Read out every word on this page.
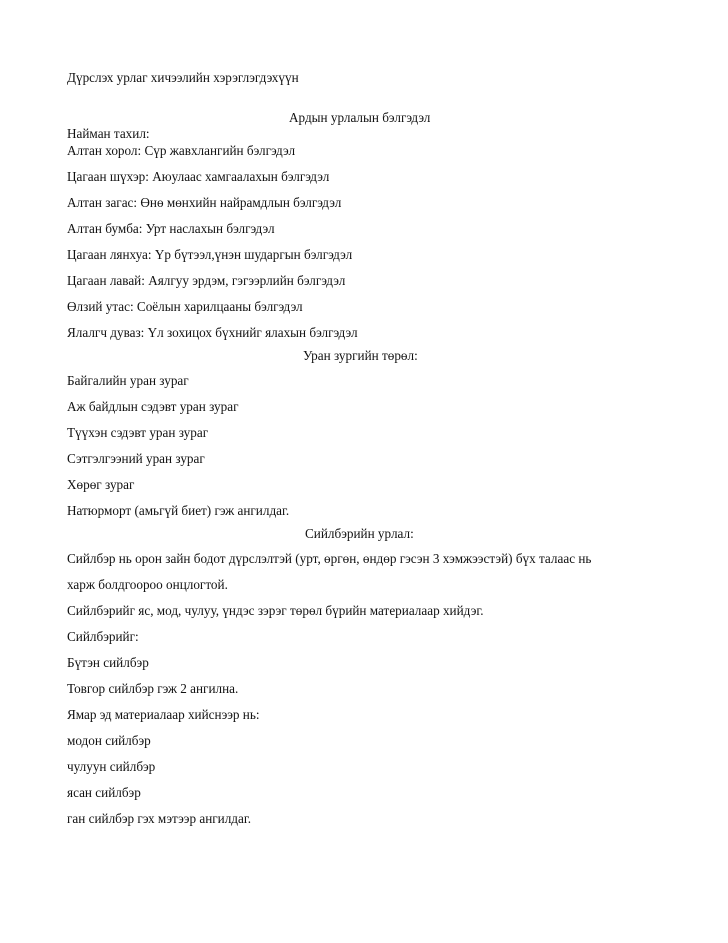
Дүрслэх урлаг хичээлийн хэрэглэгдэхүүн
Ардын урлалын бэлгэдэл
Найман тахил:
Алтан хорол: Сүр жавхлангийн бэлгэдэл
Цагаан шүхэр: Аюулаас хамгаалахын бэлгэдэл
Алтан загас: Өнө мөнхийн найрамдлын бэлгэдэл
Алтан бумба: Урт наслахын бэлгэдэл
Цагаан лянхуа: Үр бүтээл,үнэн шударгын бэлгэдэл
Цагаан лавай: Аялгуу эрдэм, гэгээрлийн бэлгэдэл
Өлзий утас: Соёлын харилцааны бэлгэдэл
Ялалгч дуваз: Үл зохицох бүхнийг ялахын бэлгэдэл
Уран зургийн төрөл:
Байгалийн уран зураг
Аж байдлын сэдэвт уран зураг
Түүхэн сэдэвт уран зураг
Сэтгэлгээний уран зураг
Хөрөг зураг
Натюрморт (амьгүй биет) гэж ангилдаг.
Сийлбэрийн урлал:
Сийлбэр нь орон зайн бодот дүрслэлтэй (урт, өргөн, өндөр гэсэн 3 хэмжээстэй) бүх талаас нь
харж болдгоороо онцлогтой.
Сийлбэрийг яс, мод, чулуу, үндэс зэрэг төрөл бүрийн материалаар хийдэг.
Сийлбэрийг:
Бүтэн сийлбэр
Товгор сийлбэр гэж 2 ангилна.
Ямар эд материалаар хийснээр нь:
модон сийлбэр
чулуун сийлбэр
ясан сийлбэр
ган сийлбэр гэх мэтээр ангилдаг.
